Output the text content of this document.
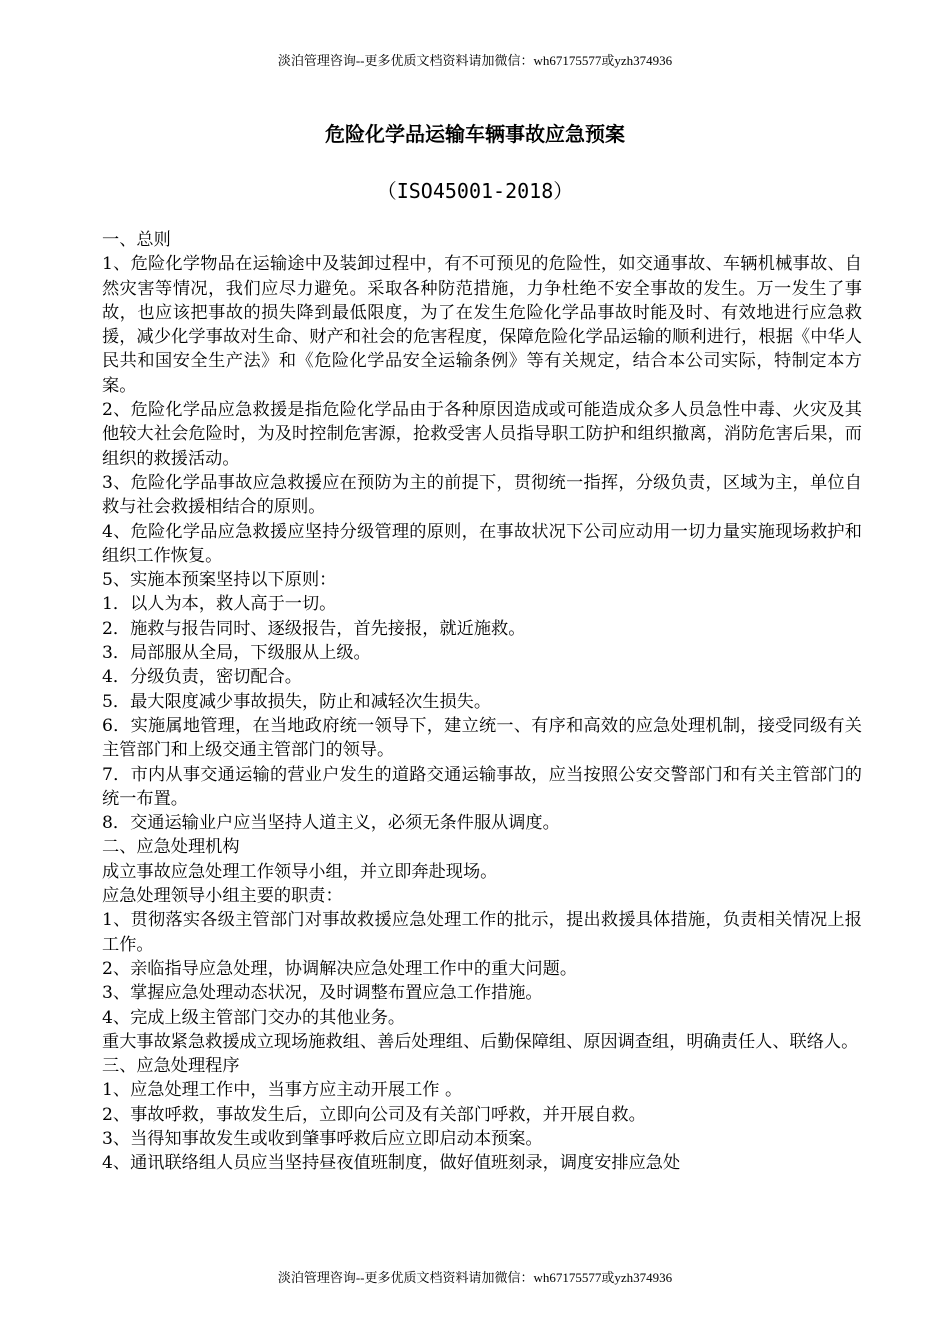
淡泊管理咨询--更多优质文档资料请加微信：wh67175577或yzh374936
危险化学品运输车辆事故应急预案
（ISO45001-2018）

一、总则

1、危险化学物品在运输途中及装卸过程中，有不可预见的危险性，如交通事故、车辆机械事故、自然灾害等情况，我们应尽力避免。采取各种防范措施，力争杜绝不安全事故的发生。万一发生了事故，也应该把事故的损失降到最低限度，为了在发生危险化学品事故时能及时、有效地进行应急救援，减少化学事故对生命、财产和社会的危害程度，保障危险化学品运输的顺利进行，根据《中华人民共和国安全生产法》和《危险化学品安全运输条例》等有关规定，结合本公司实际，特制定本方案。

2、危险化学品应急救援是指危险化学品由于各种原因造成或可能造成众多人员急性中毒、火灾及其他较大社会危险时，为及时控制危害源，抢救受害人员指导职工防护和组织撤离，消防危害后果，而组织的救援活动。

3、危险化学品事故应急救援应在预防为主的前提下，贯彻统一指挥，分级负责，区域为主，单位自救与社会救援相结合的原则。

4、危险化学品应急救援应坚持分级管理的原则，在事故状况下公司应动用一切力量实施现场救护和组织工作恢复。

5、实施本预案坚持以下原则：

1．以人为本，救人高于一切。

2．施救与报告同时、逐级报告，首先接报，就近施救。

3．局部服从全局，下级服从上级。

4．分级负责，密切配合。

5．最大限度减少事故损失，防止和减轻次生损失。

6．实施属地管理，在当地政府统一领导下，建立统一、有序和高效的应急处理机制，接受同级有关主管部门和上级交通主管部门的领导。

7．市内从事交通运输的营业户发生的道路交通运输事故，应当按照公安交警部门和有关主管部门的统一布置。

8．交通运输业户应当坚持人道主义，必须无条件服从调度。

二、应急处理机构

成立事故应急处理工作领导小组，并立即奔赴现场。

应急处理领导小组主要的职责：

1、贯彻落实各级主管部门对事故救援应急处理工作的批示，提出救援具体措施，负责相关情况上报工作。

2、亲临指导应急处理，协调解决应急处理工作中的重大问题。

3、掌握应急处理动态状况，及时调整布置应急工作措施。

4、完成上级主管部门交办的其他业务。

重大事故紧急救援成立现场施救组、善后处理组、后勤保障组、原因调查组，明确责任人、联络人。

三、应急处理程序

1、应急处理工作中，当事方应主动开展工作 。

2、事故呼救，事故发生后，立即向公司及有关部门呼救，并开展自救。

3、当得知事故发生或收到肇事呼救后应立即启动本预案。

4、通讯联络组人员应当坚持昼夜值班制度，做好值班刻录，调度安排应急处

淡泊管理咨询--更多优质文档资料请加微信：wh67175577或yzh374936
